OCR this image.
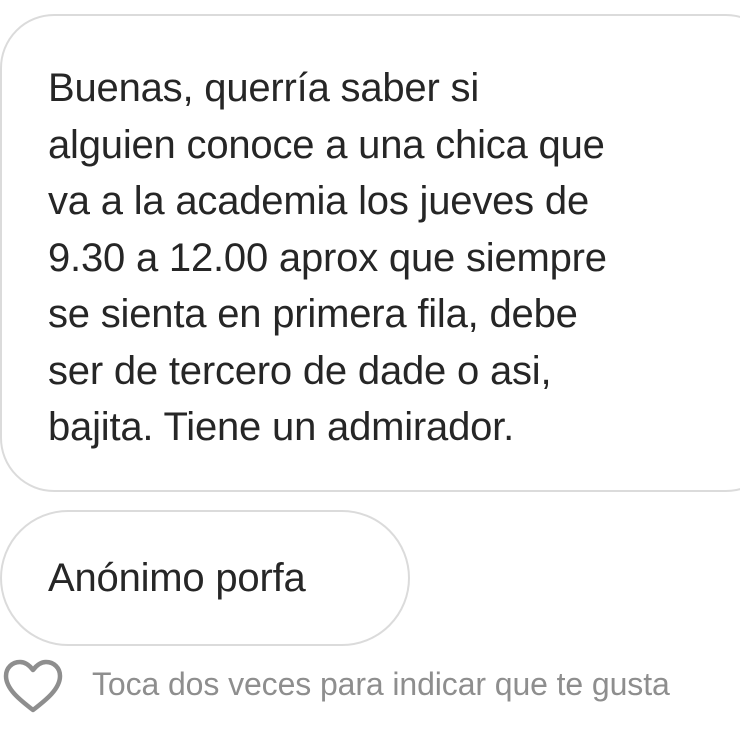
Buenas, querría saber si
alguien conoce a una chica que
va a la academia los jueves de
9.30 a 12.00 aprox que siempre
se sienta en primera fila, debe
ser de tercero de dade o asi,
bajita. Tiene un admirador.

Anónimo porfa

Toca dos veces para indicar que te gusta
